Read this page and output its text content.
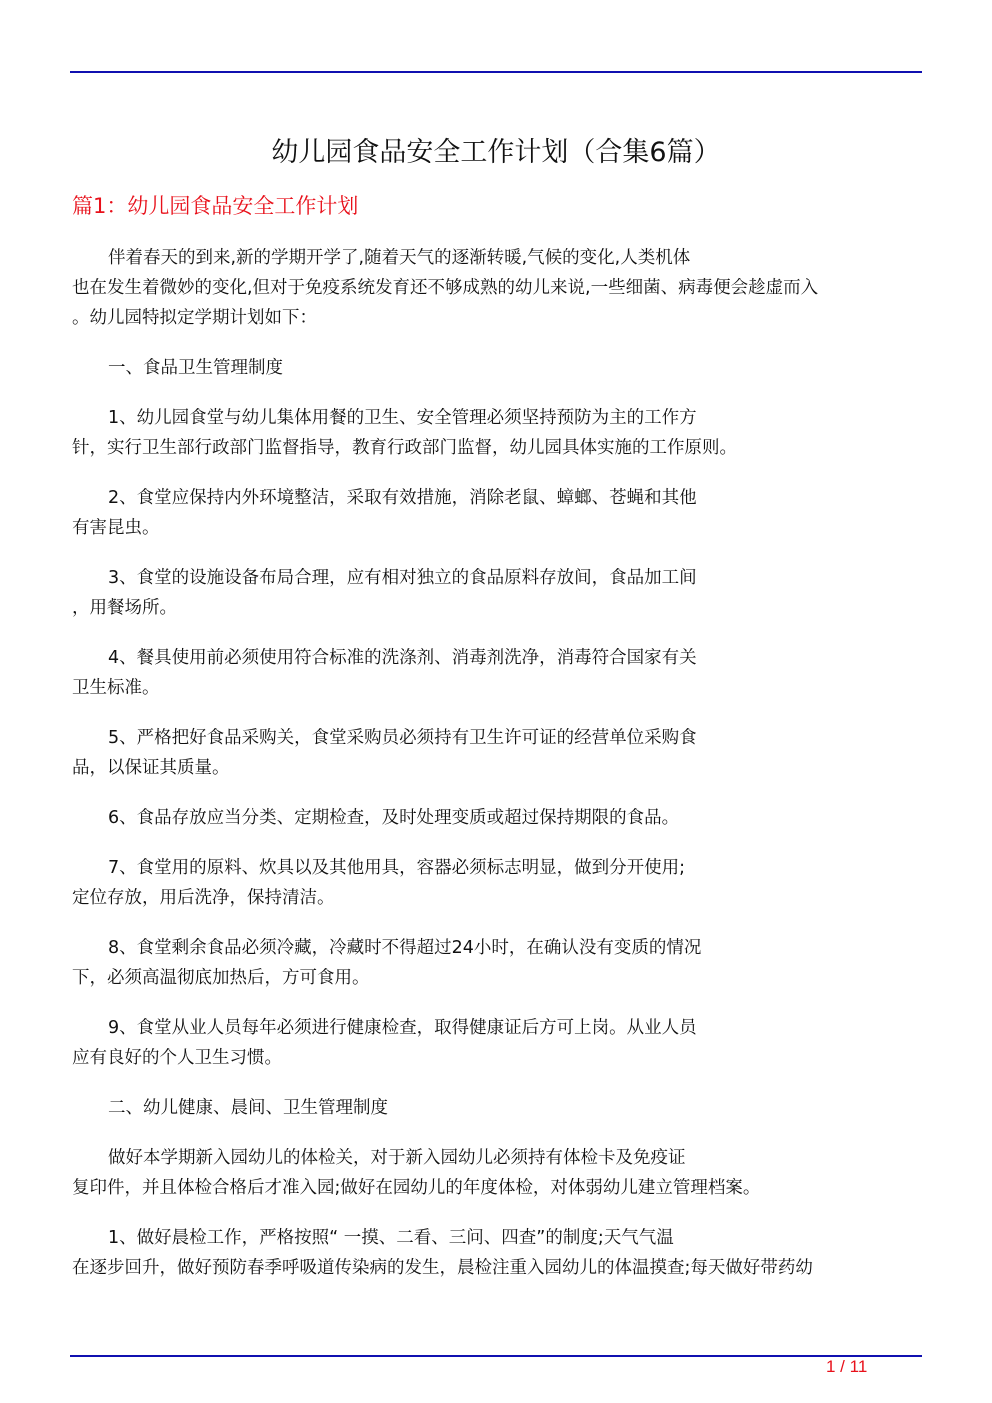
幼儿园食品安全工作计划（合集6篇）
篇1：幼儿园食品安全工作计划
伴着春天的到来,新的学期开学了,随着天气的逐渐转暖,气候的变化,人类机体
也在发生着微妙的变化,但对于免疫系统发育还不够成熟的幼儿来说,一些细菌、病毒便会趁虚而入
。幼儿园特拟定学期计划如下：
一、食品卫生管理制度
1、幼儿园食堂与幼儿集体用餐的卫生、安全管理必须坚持预防为主的工作方
针，实行卫生部行政部门监督指导，教育行政部门监督，幼儿园具体实施的工作原则。
2、食堂应保持内外环境整洁，采取有效措施，消除老鼠、蟑螂、苍蝇和其他
有害昆虫。
3、食堂的设施设备布局合理，应有相对独立的食品原料存放间，食品加工间
，用餐场所。
4、餐具使用前必须使用符合标准的洗涤剂、消毒剂洗净，消毒符合国家有关
卫生标准。
5、严格把好食品采购关，食堂采购员必须持有卫生许可证的经营单位采购食
品，以保证其质量。
6、食品存放应当分类、定期检查，及时处理变质或超过保持期限的食品。
7、食堂用的原料、炊具以及其他用具，容器必须标志明显，做到分开使用;
定位存放，用后洗净，保持清洁。
8、食堂剩余食品必须冷藏，冷藏时不得超过24小时，在确认没有变质的情况
下，必须高温彻底加热后，方可食用。
9、食堂从业人员每年必须进行健康检查，取得健康证后方可上岗。从业人员
应有良好的个人卫生习惯。
二、幼儿健康、晨间、卫生管理制度
做好本学期新入园幼儿的体检关，对于新入园幼儿必须持有体检卡及免疫证
复印件，并且体检合格后才准入园;做好在园幼儿的年度体检，对体弱幼儿建立管理档案。
1、做好晨检工作，严格按照“ 一摸、二看、三问、四查”的制度;天气气温
在逐步回升，做好预防春季呼吸道传染病的发生，晨检注重入园幼儿的体温摸查;每天做好带药幼
1 / 11
